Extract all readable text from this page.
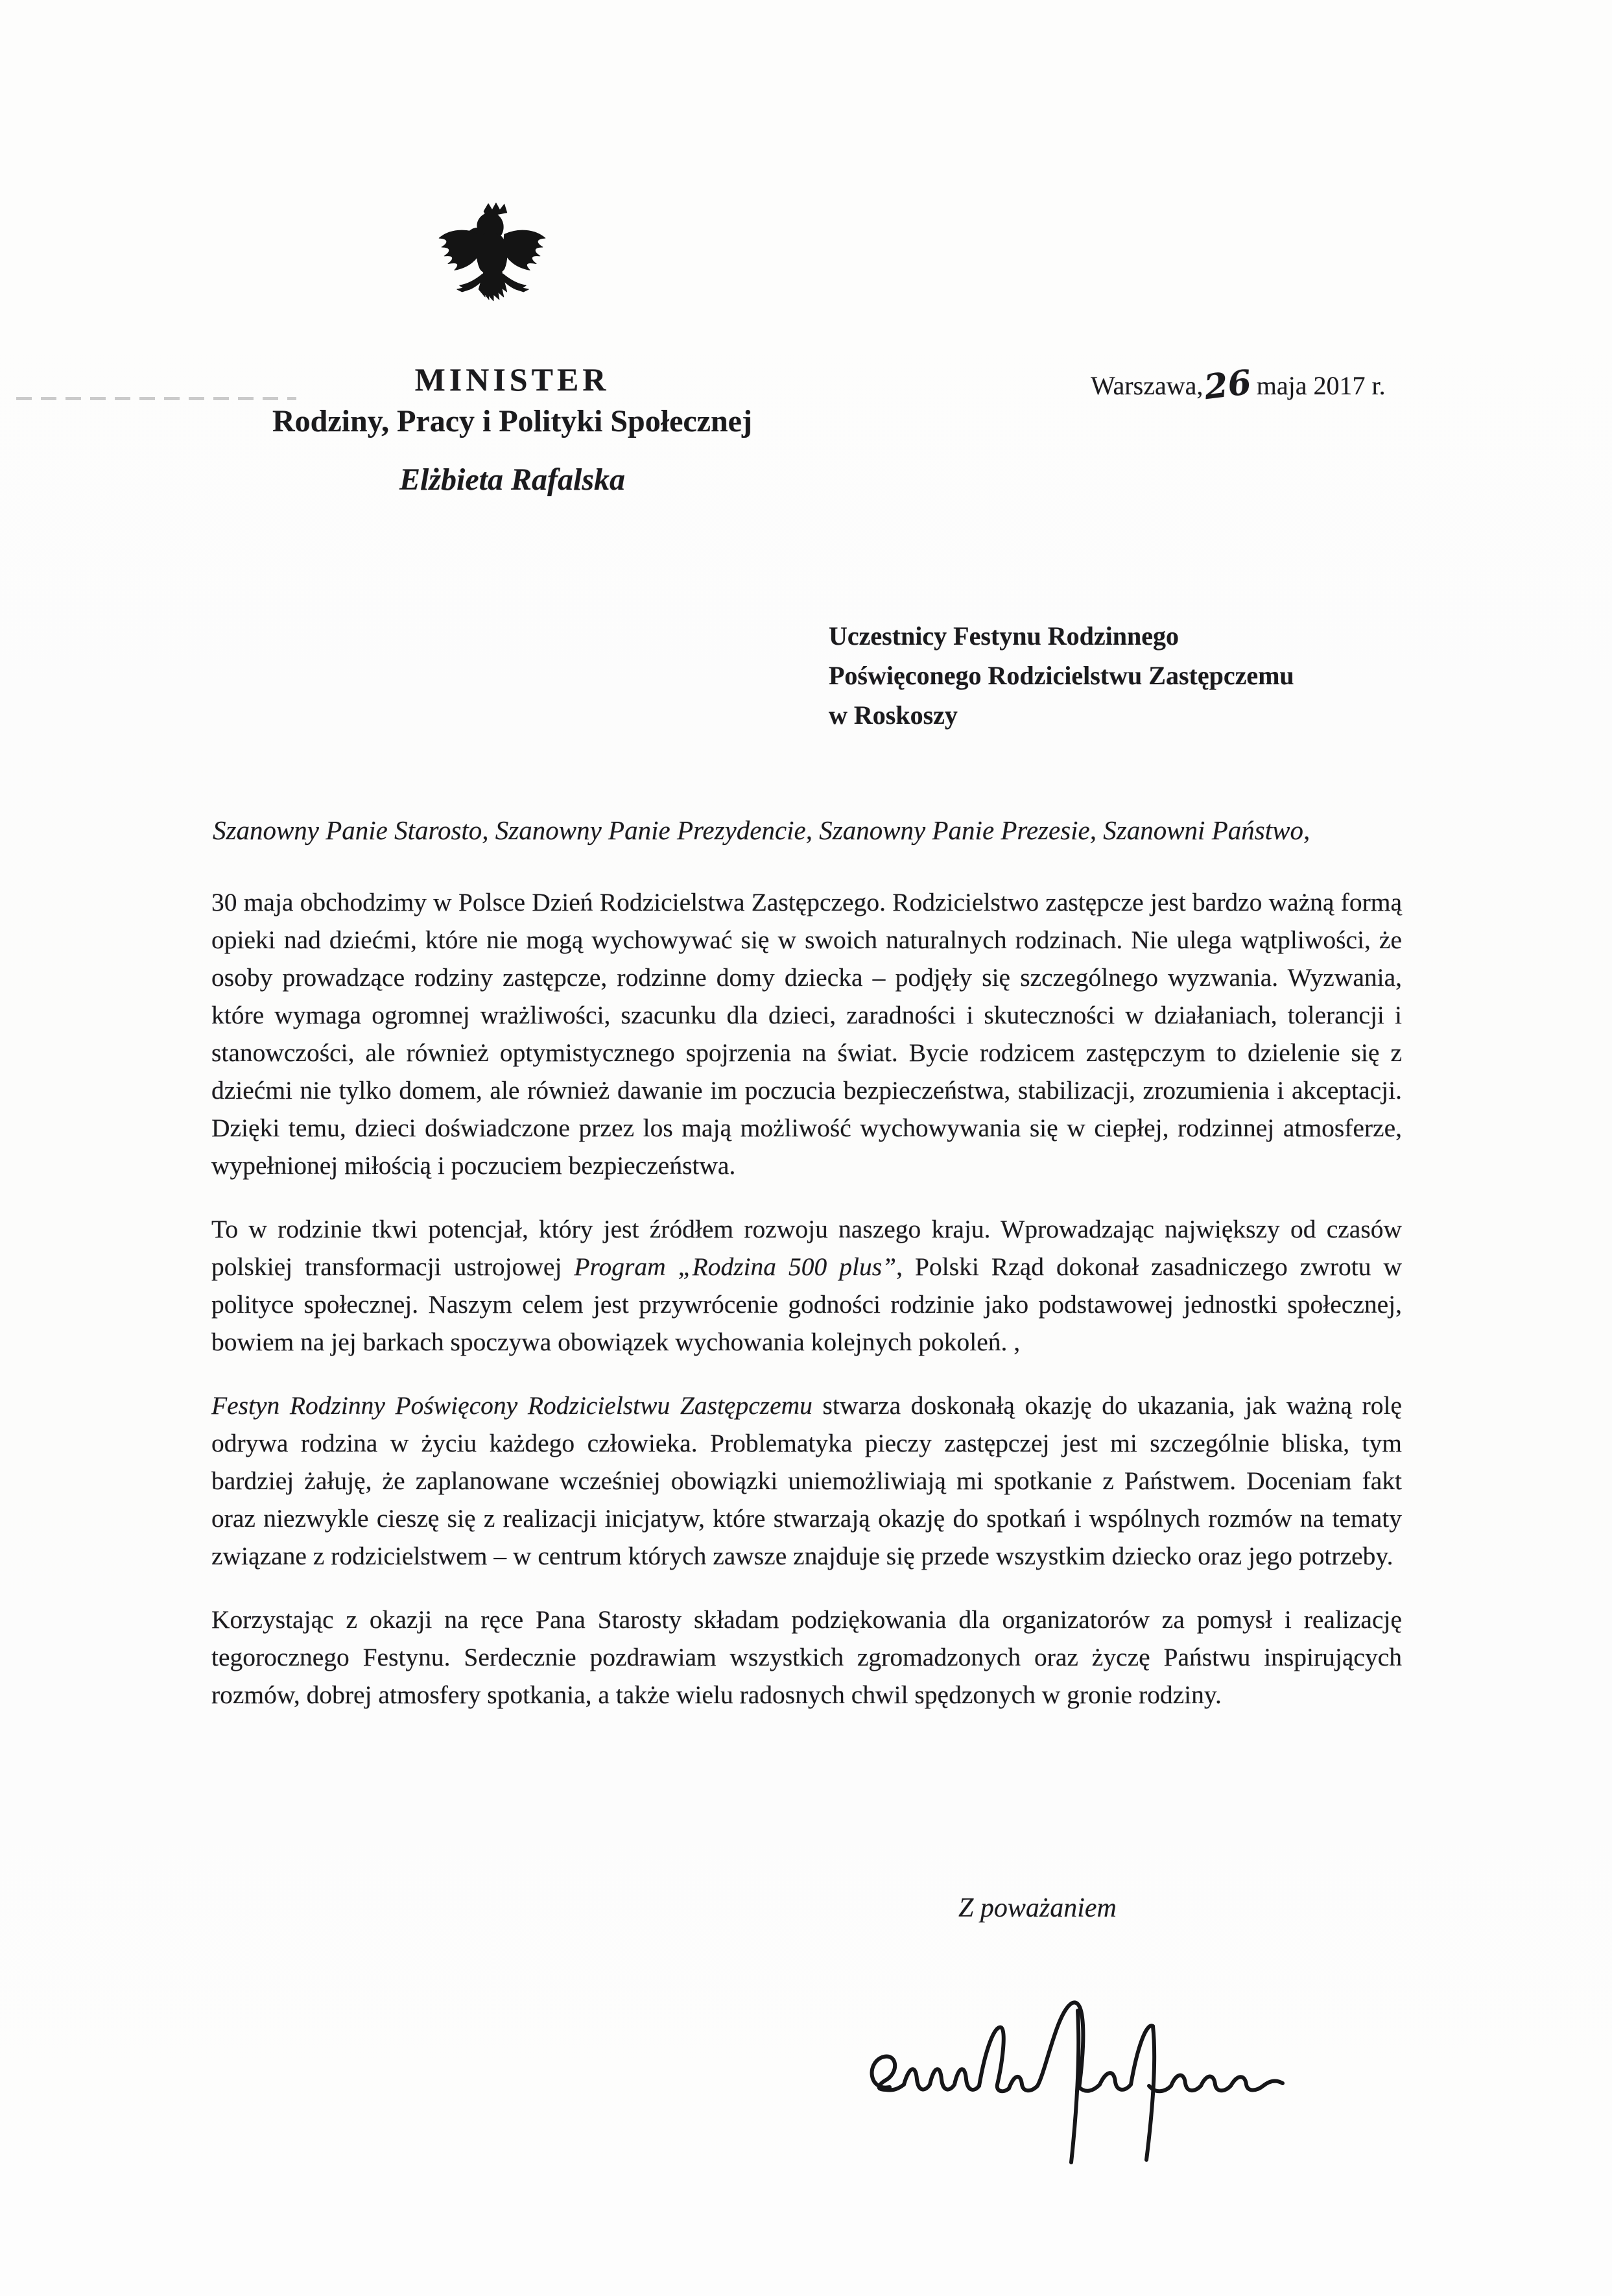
MINISTER
Rodziny, Pracy i Polityki Społecznej
Elżbieta Rafalska
Warszawa,26 maja 2017 r.
Uczestnicy Festynu Rodzinnego
Poświęconego Rodzicielstwu Zastępczemu
w Roskoszy
Szanowny Panie Starosto, Szanowny Panie Prezydencie, Szanowny Panie Prezesie, Szanowni Państwo,

30 maja obchodzimy w Polsce Dzień Rodzicielstwa Zastępczego. Rodzicielstwo zastępcze jest bardzo ważną formą opieki nad dziećmi, które nie mogą wychowywać się w swoich naturalnych rodzinach. Nie ulega wątpliwości, że osoby prowadzące rodziny zastępcze, rodzinne domy dziecka – podjęły się szczególnego wyzwania. Wyzwania, które wymaga ogromnej wrażliwości, szacunku dla dzieci, zaradności i skuteczności w działaniach, tolerancji i stanowczości, ale również optymistycznego spojrzenia na świat. Bycie rodzicem zastępczym to dzielenie się z dziećmi nie tylko domem, ale również dawanie im poczucia bezpieczeństwa, stabilizacji, zrozumienia i akceptacji. Dzięki temu, dzieci doświadczone przez los mają możliwość wychowywania się w ciepłej, rodzinnej atmosferze, wypełnionej miłością i poczuciem bezpieczeństwa.

To w rodzinie tkwi potencjał, który jest źródłem rozwoju naszego kraju. Wprowadzając największy od czasów polskiej transformacji ustrojowej Program „Rodzina 500 plus”, Polski Rząd dokonał zasadniczego zwrotu w polityce społecznej. Naszym celem jest przywrócenie godności rodzinie jako podstawowej jednostki społecznej, bowiem na jej barkach spoczywa obowiązek wychowania kolejnych pokoleń. ,

Festyn Rodzinny Poświęcony Rodzicielstwu Zastępczemu stwarza doskonałą okazję do ukazania, jak ważną rolę odrywa rodzina w życiu każdego człowieka. Problematyka pieczy zastępczej jest mi szczególnie bliska, tym bardziej żałuję, że zaplanowane wcześniej obowiązki uniemożliwiają mi spotkanie z Państwem. Doceniam fakt oraz niezwykle cieszę się z realizacji inicjatyw, które stwarzają okazję do spotkań i wspólnych rozmów na tematy związane z rodzicielstwem – w centrum których zawsze znajduje się przede wszystkim dziecko oraz jego potrzeby.

Korzystając z okazji na ręce Pana Starosty składam podziękowania dla organizatorów za pomysł i realizację tegorocznego Festynu. Serdecznie pozdrawiam wszystkich zgromadzonych oraz życzę Państwu inspirujących rozmów, dobrej atmosfery spotkania, a także wielu radosnych chwil spędzonych w gronie rodziny.

Z poważaniem
